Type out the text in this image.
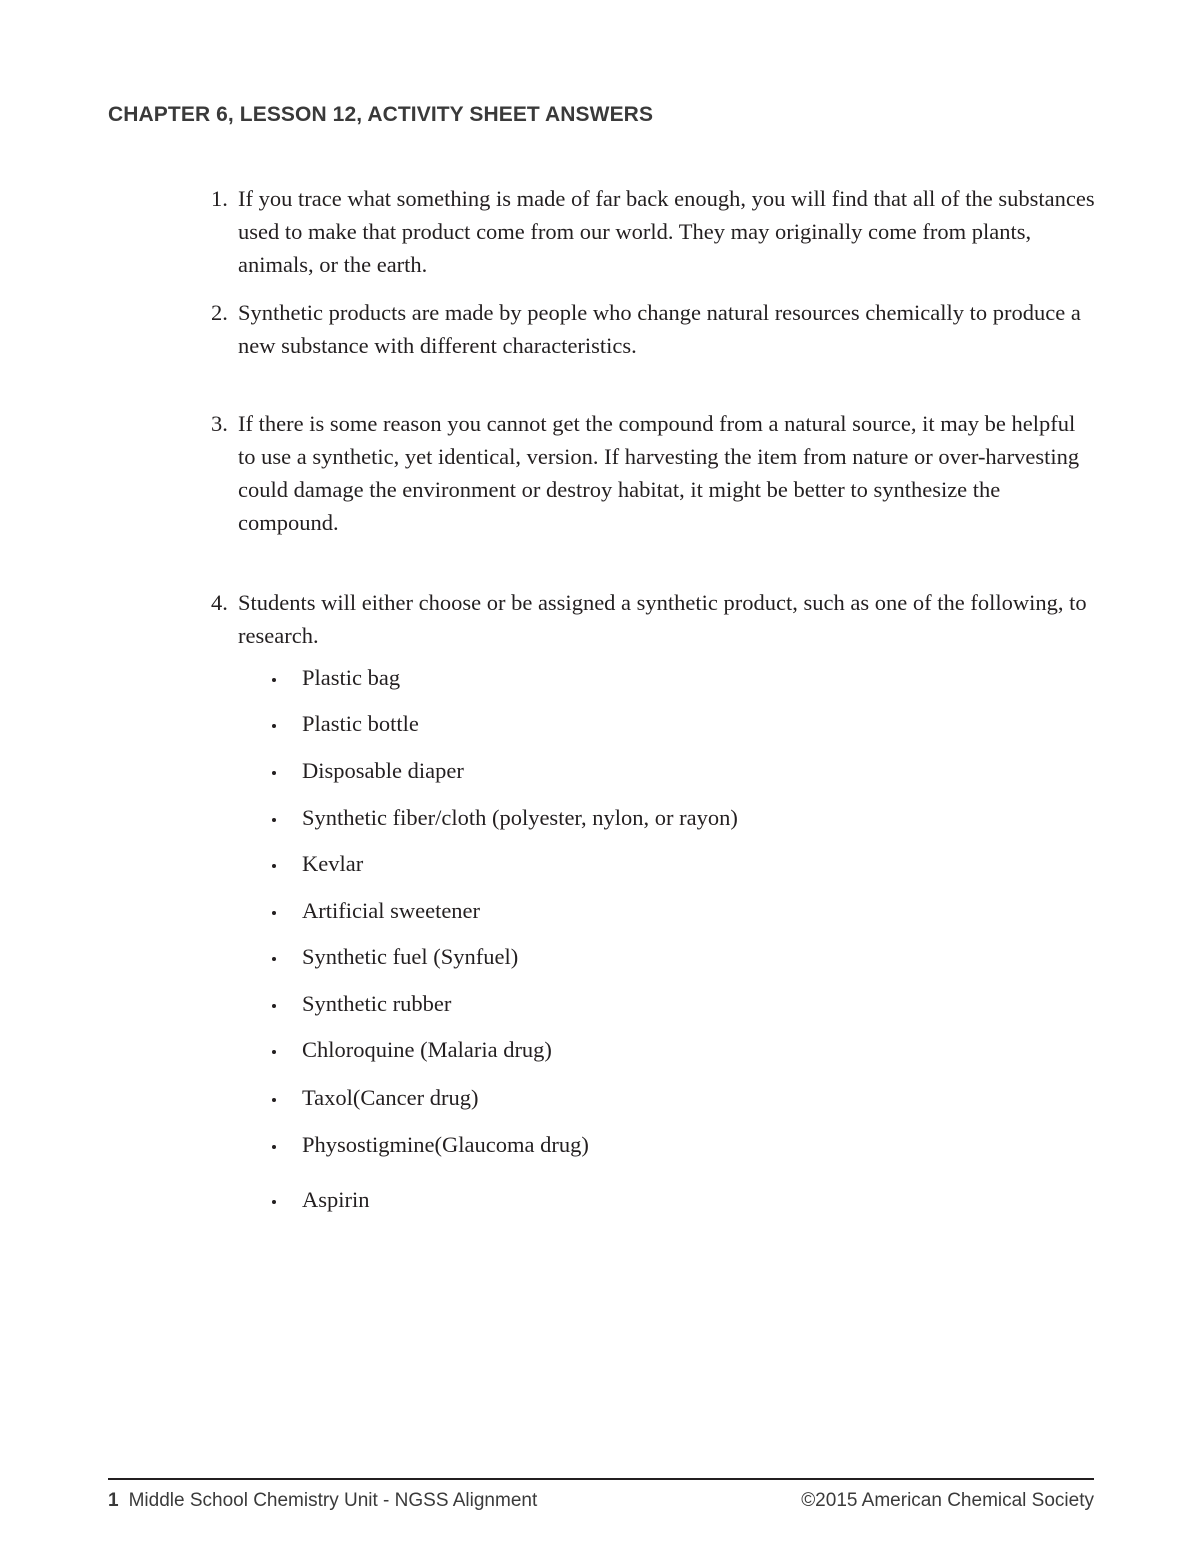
CHAPTER 6, LESSON 12, ACTIVITY SHEET ANSWERS
1. If you trace what something is made of far back enough, you will find that all of the substances used to make that product come from our world. They may originally come from plants, animals, or the earth.
2. Synthetic products are made by people who change natural resources chemically to produce a new substance with different characteristics.
3. If there is some reason you cannot get the compound from a natural source, it may be helpful to use a synthetic, yet identical, version. If harvesting the item from nature or over-harvesting could damage the environment or destroy habitat, it might be better to synthesize the compound.
4. Students will either choose or be assigned a synthetic product, such as one of the following, to research.
Plastic bag
Plastic bottle
Disposable diaper
Synthetic fiber/cloth (polyester, nylon, or rayon)
Kevlar
Artificial sweetener
Synthetic fuel (Synfuel)
Synthetic rubber
Chloroquine (Malaria drug)
Taxol(Cancer drug)
Physostigmine(Glaucoma drug)
Aspirin
1 Middle School Chemistry Unit - NGSS Alignment	©2015 American Chemical Society
